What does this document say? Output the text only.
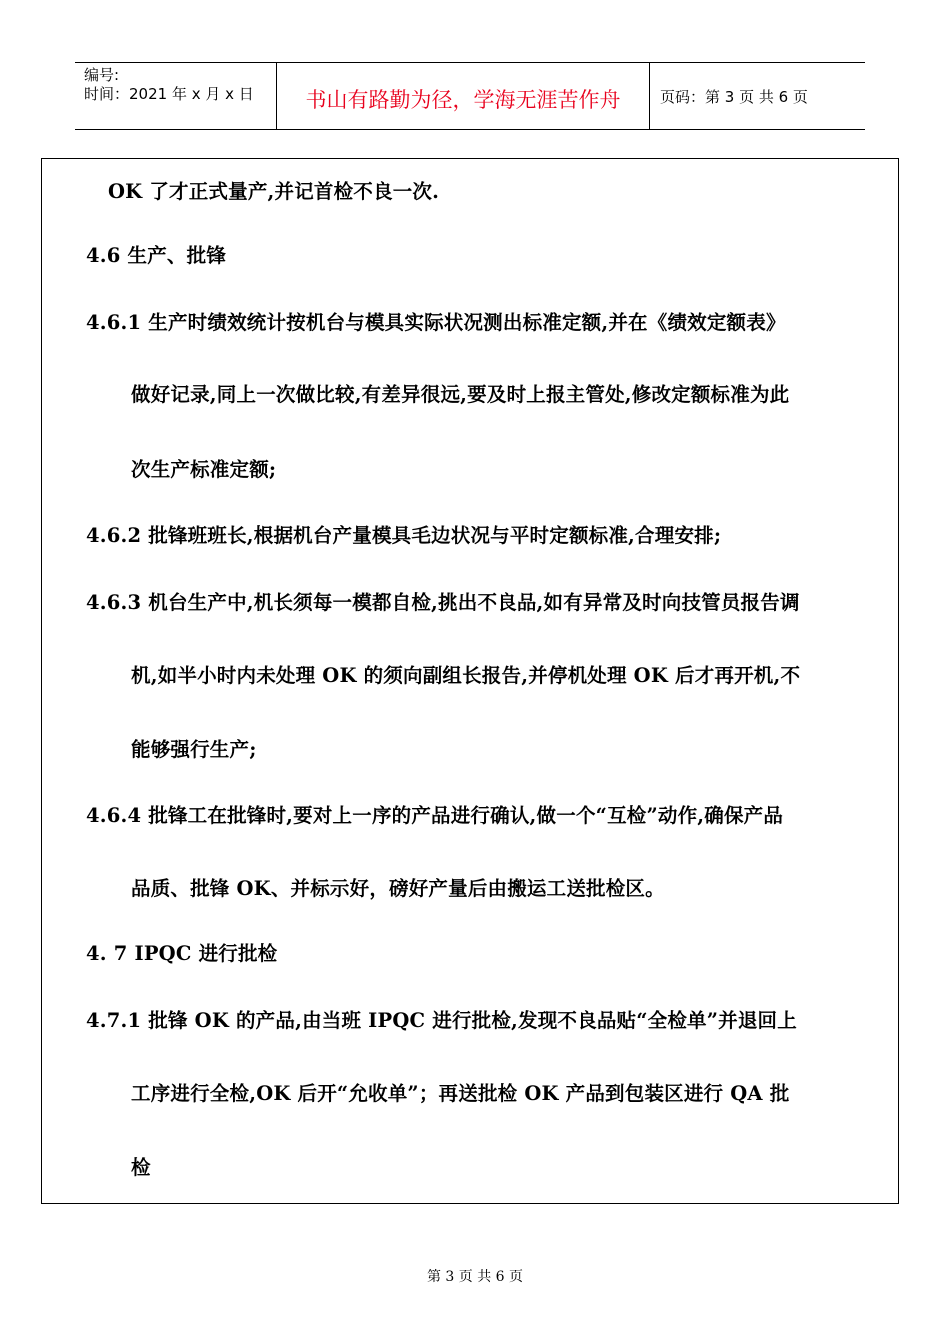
编号:
时间：2021 年 x 月 x 日	书山有路勤为径，学海无涯苦作舟	页码：第 3 页 共 6 页
OK 了才正式量产,并记首检不良一次.
4.6 生产、批锋
4.6.1 生产时绩效统计按机台与模具实际状况测出标准定额,并在《绩效定额表》
做好记录,同上一次做比较,有差异很远,要及时上报主管处,修改定额标准为此
次生产标准定额;
4.6.2 批锋班班长,根据机台产量模具毛边状况与平时定额标准,合理安排;
4.6.3 机台生产中,机长须每一模都自检,挑出不良品,如有异常及时向技管员报告调
机,如半小时内未处理 OK 的须向副组长报告,并停机处理 OK 后才再开机,不
能够强行生产;
4.6.4 批锋工在批锋时,要对上一序的产品进行确认,做一个“互检”动作,确保产品
品质、批锋 OK、并标示好，磅好产量后由搬运工送批检区。
4. 7 IPQC 进行批检
4.7.1 批锋 OK 的产品,由当班 IPQC 进行批检,发现不良品贴“全检单”并退回上
工序进行全检,OK 后开“允收单”；再送批检 OK 产品到包装区进行 QA 批
检
第 3 页 共 6 页
